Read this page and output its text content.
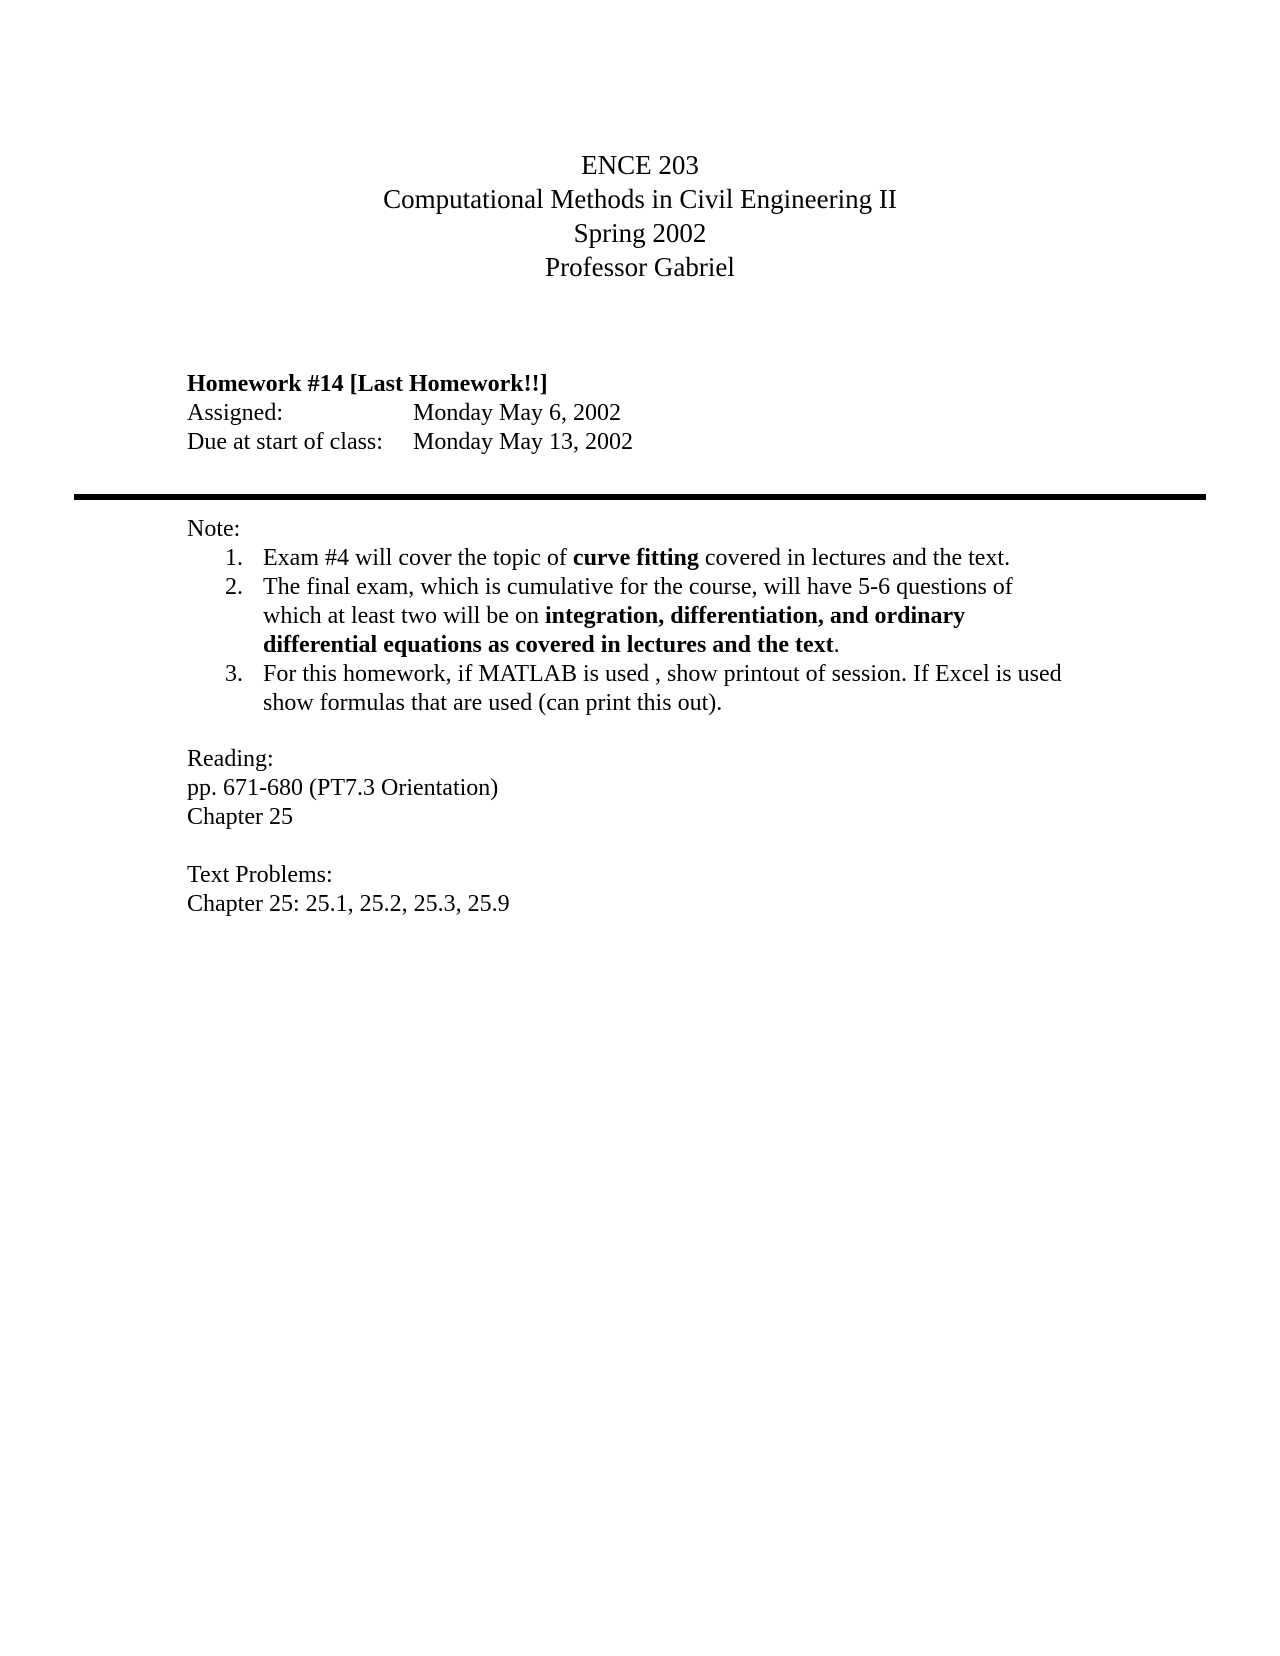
ENCE 203
Computational Methods in Civil Engineering II
Spring 2002
Professor Gabriel
Homework #14 [Last Homework!!]
Assigned:	Monday May 6, 2002
Due at start of class:	Monday May 13, 2002
Note:
1. Exam #4 will cover the topic of curve fitting covered in lectures and the text.
2. The final exam, which is cumulative for the course, will have 5-6 questions of which at least two will be on integration, differentiation, and ordinary differential equations as covered in lectures and the text.
3. For this homework, if MATLAB is used , show printout of session. If Excel is used show formulas that are used (can print this out).
Reading:
pp. 671-680 (PT7.3 Orientation)
Chapter 25
Text Problems:
Chapter 25: 25.1, 25.2, 25.3, 25.9
